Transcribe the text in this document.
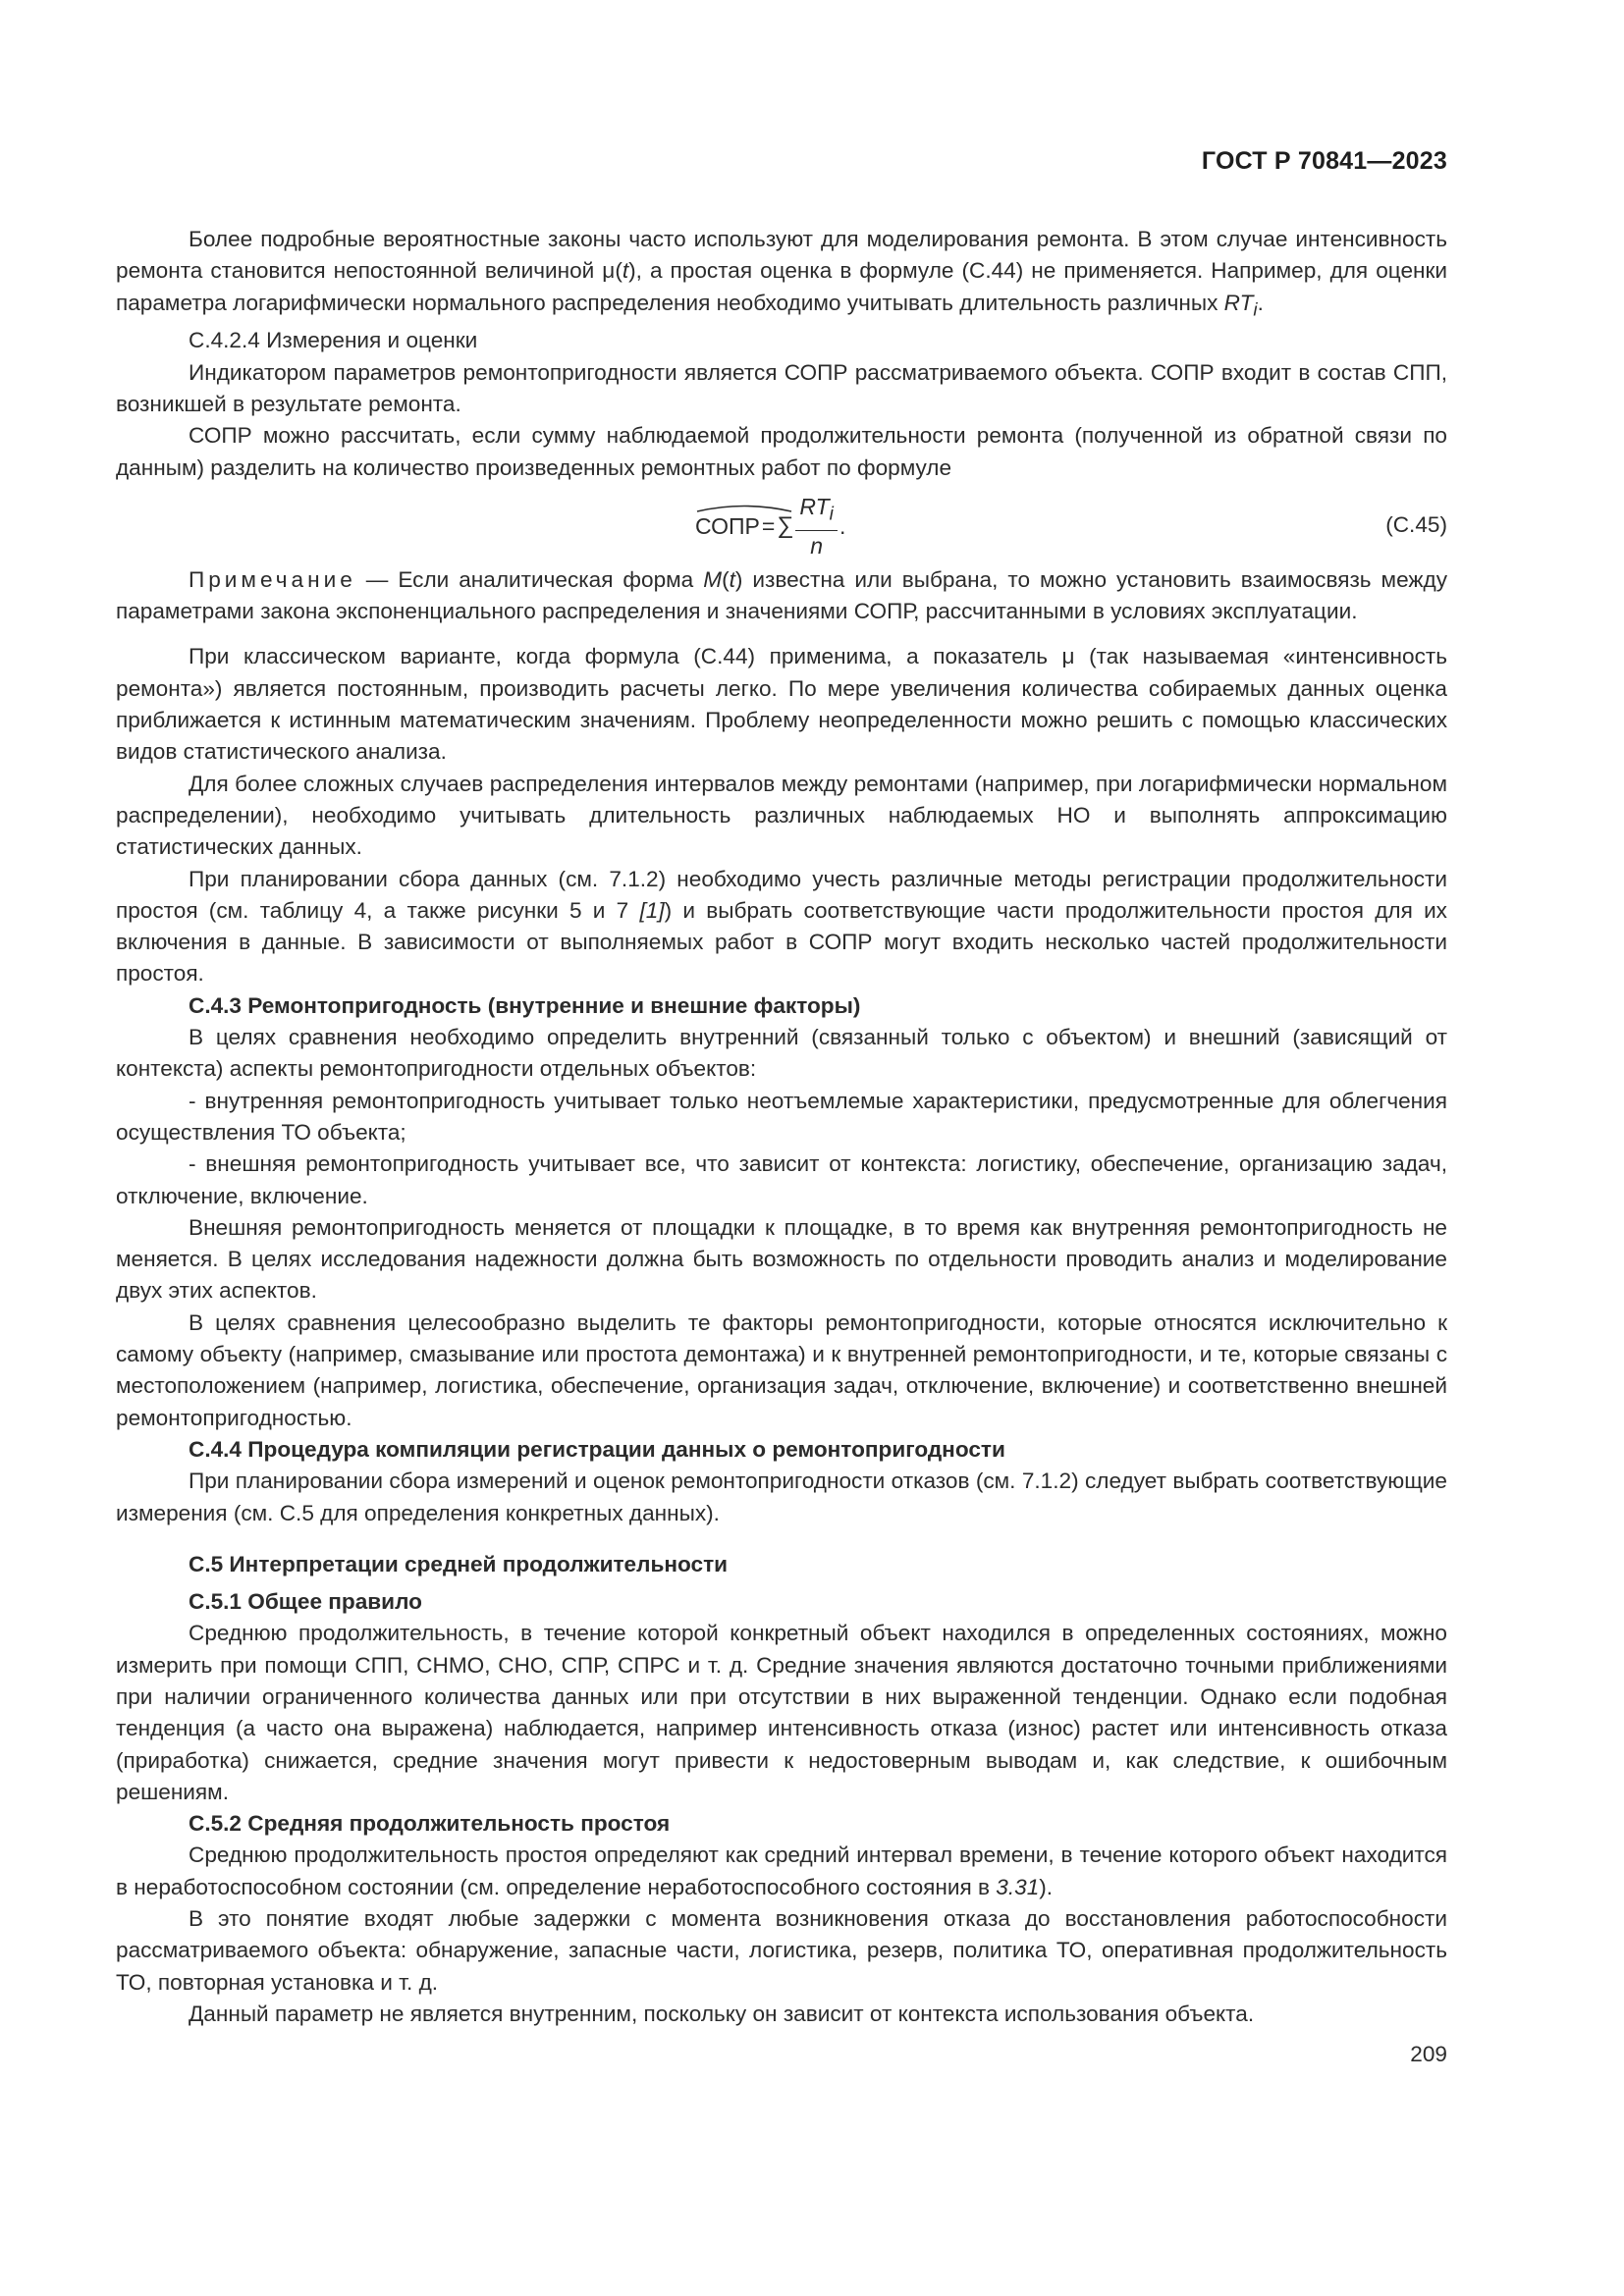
ГОСТ Р 70841—2023

Более подробные вероятностные законы часто используют для моделирования ремонта. В этом случае интенсивность ремонта становится непостоянной величиной μ(t), а простая оценка в формуле (С.44) не применяется. Например, для оценки параметра логарифмически нормального распределения необходимо учитывать длительность различных $RT_i$.

С.4.2.4 Измерения и оценки

Индикатором параметров ремонтопригодности является СОПР рассматриваемого объекта. СОПР входит в состав СПП, возникшей в результате ремонта.

СОПР можно рассчитать, если сумму наблюдаемой продолжительности ремонта (полученной из обратной связи по данным) разделить на количество произведенных ремонтных работ по формуле

СОПР = ∑ $\frac{RT_i}{n}$ .	(С.45)

Примечание — Если аналитическая форма M(t) известна или выбрана, то можно установить взаимосвязь между параметрами закона экспоненциального распределения и значениями СОПР, рассчитанными в условиях эксплуатации.

При классическом варианте, когда формула (С.44) применима, а показатель μ (так называемая «интенсивность ремонта») является постоянным, производить расчеты легко. По мере увеличения количества собираемых данных оценка приближается к истинным математическим значениям. Проблему неопределенности можно решить с помощью классических видов статистического анализа.

Для более сложных случаев распределения интервалов между ремонтами (например, при логарифмически нормальном распределении), необходимо учитывать длительность различных наблюдаемых НО и выполнять аппроксимацию статистических данных.

При планировании сбора данных (см. 7.1.2) необходимо учесть различные методы регистрации продолжительности простоя (см. таблицу 4, а также рисунки 5 и 7 [1]) и выбрать соответствующие части продолжительности простоя для их включения в данные. В зависимости от выполняемых работ в СОПР могут входить несколько частей продолжительности простоя.

С.4.3 Ремонтопригодность (внутренние и внешние факторы)

В целях сравнения необходимо определить внутренний (связанный только с объектом) и внешний (зависящий от контекста) аспекты ремонтопригодности отдельных объектов:

- внутренняя ремонтопригодность учитывает только неотъемлемые характеристики, предусмотренные для облегчения осуществления ТО объекта;

- внешняя ремонтопригодность учитывает все, что зависит от контекста: логистику, обеспечение, организацию задач, отключение, включение.

Внешняя ремонтопригодность меняется от площадки к площадке, в то время как внутренняя ремонтопригодность не меняется. В целях исследования надежности должна быть возможность по отдельности проводить анализ и моделирование двух этих аспектов.

В целях сравнения целесообразно выделить те факторы ремонтопригодности, которые относятся исключительно к самому объекту (например, смазывание или простота демонтажа) и к внутренней ремонтопригодности, и те, которые связаны с местоположением (например, логистика, обеспечение, организация задач, отключение, включение) и соответственно внешней ремонтопригодностью.

С.4.4 Процедура компиляции регистрации данных о ремонтопригодности

При планировании сбора измерений и оценок ремонтопригодности отказов (см. 7.1.2) следует выбрать соответствующие измерения (см. С.5 для определения конкретных данных).

С.5 Интерпретации средней продолжительности

С.5.1 Общее правило

Среднюю продолжительность, в течение которой конкретный объект находился в определенных состояниях, можно измерить при помощи СПП, СНМО, СНО, СПР, СПРС и т. д. Средние значения являются достаточно точными приближениями при наличии ограниченного количества данных или при отсутствии в них выраженной тенденции. Однако если подобная тенденция (а часто она выражена) наблюдается, например интенсивность отказа (износ) растет или интенсивность отказа (приработка) снижается, средние значения могут привести к недостоверным выводам и, как следствие, к ошибочным решениям.

С.5.2 Средняя продолжительность простоя

Среднюю продолжительность простоя определяют как средний интервал времени, в течение которого объект находится в неработоспособном состоянии (см. определение неработоспособного состояния в 3.31).

В это понятие входят любые задержки с момента возникновения отказа до восстановления работоспособности рассматриваемого объекта: обнаружение, запасные части, логистика, резерв, политика ТО, оперативная продолжительность ТО, повторная установка и т. д.

Данный параметр не является внутренним, поскольку он зависит от контекста использования объекта.

209
